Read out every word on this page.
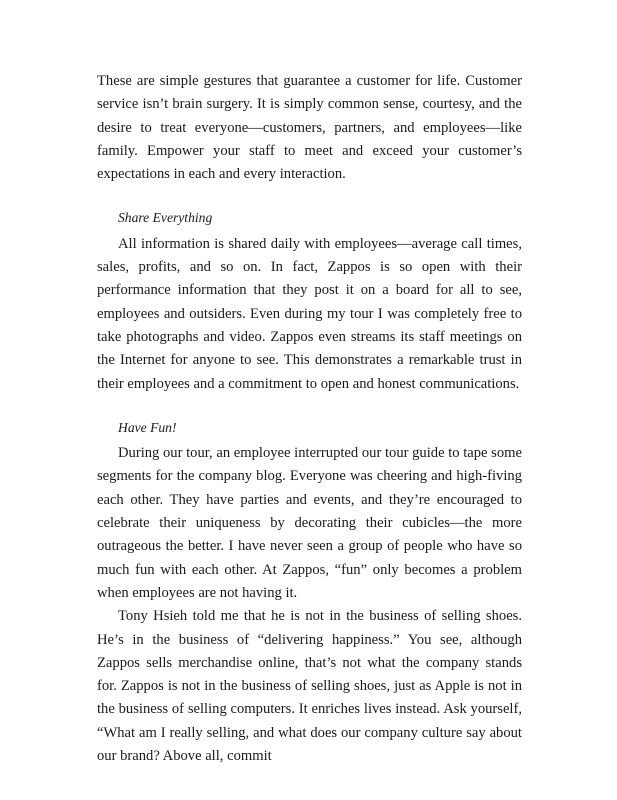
These are simple gestures that guarantee a customer for life. Customer service isn’t brain surgery. It is simply common sense, courtesy, and the desire to treat everyone—customers, partners, and employees—like family. Empower your staff to meet and exceed your customer’s expectations in each and every interaction.

Share Everything

All information is shared daily with employees—average call times, sales, profits, and so on. In fact, Zappos is so open with their performance information that they post it on a board for all to see, employees and outsiders. Even during my tour I was completely free to take photographs and video. Zappos even streams its staff meetings on the Internet for anyone to see. This demonstrates a remarkable trust in their employees and a commitment to open and honest communications.

Have Fun!

During our tour, an employee interrupted our tour guide to tape some segments for the company blog. Everyone was cheering and high-fiving each other. They have parties and events, and they’re encouraged to celebrate their uniqueness by decorating their cubicles—the more outrageous the better. I have never seen a group of people who have so much fun with each other. At Zappos, “fun” only becomes a problem when employees are not having it.

Tony Hsieh told me that he is not in the business of selling shoes. He’s in the business of “delivering happiness.” You see, although Zappos sells merchandise online, that’s not what the company stands for. Zappos is not in the business of selling shoes, just as Apple is not in the business of selling computers. It enriches lives instead. Ask yourself, “What am I really selling, and what does our company culture say about our brand? Above all, commit
